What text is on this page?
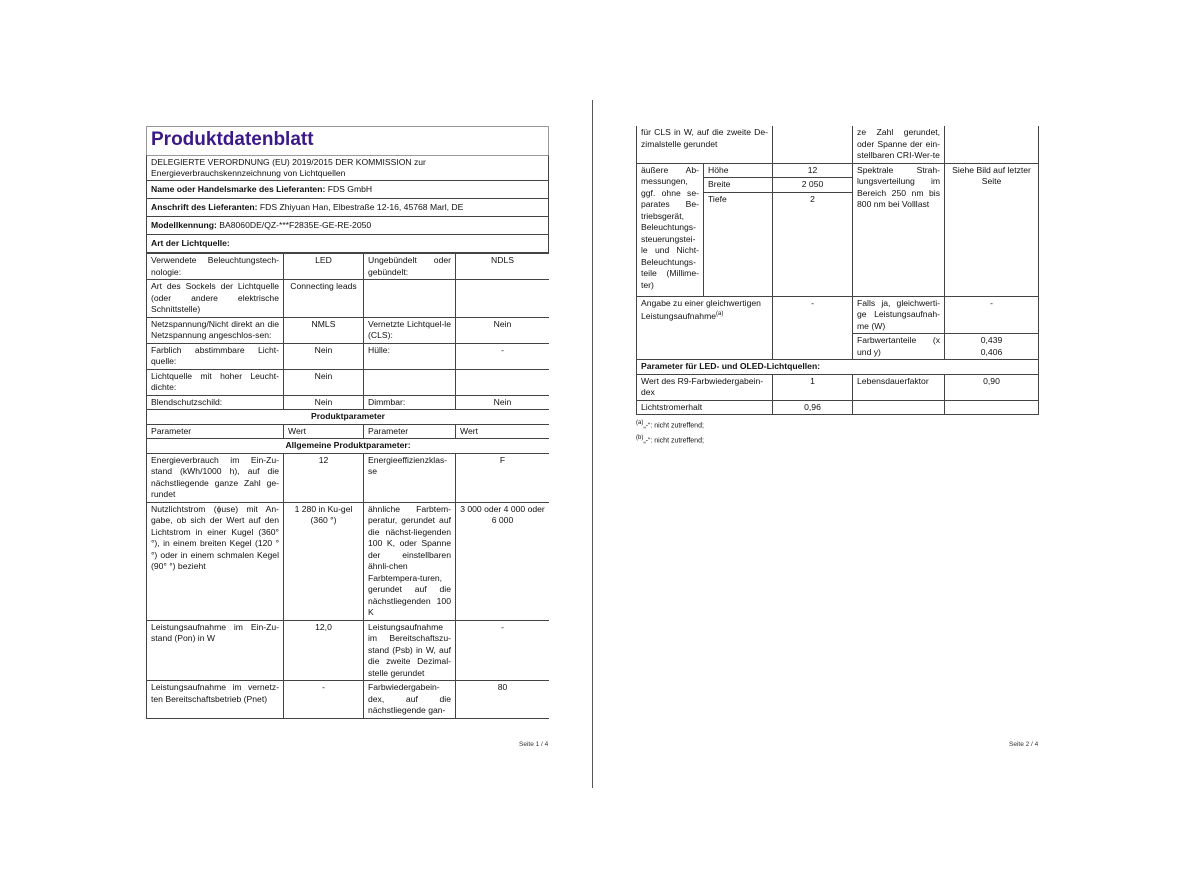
Produktdatenblatt
DELEGIERTE VERORDNUNG (EU) 2019/2015 DER KOMMISSION zur
Energieverbrauchskennzeichnung von Lichtquellen
Name oder Handelsmarke des Lieferanten: FDS GmbH
Anschrift des Lieferanten: FDS Zhiyuan Han, Elbestraße 12-16, 45768 Marl, DE
Modellkennung: BA8060DE/QZ-***F2835E-GE-RE-2050
Art der Lichtquelle:
Verwendete Beleuchtungstech-nologie:	LED	Ungebündelt oder gebündelt:	NDLS
Art des Sockels der Lichtquelle (oder andere elektrische Schnittstelle)	Connecting leads		
Netzspannung/Nicht direkt an die Netzspannung angeschlos-sen:	NMLS	Vernetzte Lichtquel-le (CLS):	Nein
Farblich abstimmbare Licht-quelle:	Nein	Hülle:	-
Lichtquelle mit hoher Leucht-dichte:	Nein		
Blendschutzschild:	Nein	Dimmbar:	Nein
Produktparameter			
Parameter	Wert	Parameter	Wert
Allgemeine Produktparameter:			
Energieverbrauch im Ein-Zu-stand (kWh/1000 h), auf die nächstliegende ganze Zahl ge-rundet	12	Energieeffizienzklas-se	F
Nutzlichtstrom (ϕuse) mit An-gabe, ob sich der Wert auf den Lichtstrom in einer Kugel (360° °), in einem breiten Kegel (120 °°) oder in einem schmalen Kegel (90° °) bezieht	1 280 in Ku-gel (360 °)	ähnliche Farbtem-peratur, gerundet auf die nächst-liegenden 100 K, oder Spanne der einstellbaren ähnli-chen Farbtempera-turen, gerundet auf die nächstliegenden 100 K	3 000 oder 4 000 oder 6 000
Leistungsaufnahme im Ein-Zu-stand (Pon) in W	12,0	Leistungsaufnahme im Bereitschaftszu-stand (Psb) in W, auf die zweite Dezimal-stelle gerundet	-
Leistungsaufnahme im vernetz-ten Bereitschaftsbetrieb (Pnet)	-	Farbwiedergabein-dex, auf die nächstliegende gan-	80
Seite 1 / 4
für CLS in W, auf die zweite De-zimalstelle gerundet			ze Zahl gerundet, oder Spanne der ein-stellbaren CRI-Wer-te	
äußere Ab-messungen, ggf. ohne se-parates Be-triebsgerät, Beleuchtungs-steuerungstei-le und Nicht-Beleuchtungs-teile (Millime-ter)	Höhe	12	Spektrale Strah-lungsverteilung im Bereich 250 nm bis 800 nm bei Volllast	Siehe Bild auf letzter Seite
	Breite	2 050		
	Tiefe	2		
Angabe zu einer gleichwertigen Leistungsaufnahme$^{(a)}$		-	Falls ja, gleichwerti-ge Leistungsaufnah-me (W)	-
			Farbwertanteile (x und y)	0,439
0,406

Parameter für LED- und OLED-Lichtquellen:				
Wert des R9-Farbwiedergabein-dex		1	Lebensdauerfaktor	0,90
Lichtstromerhalt		0,96		
(a)„-“: nicht zutreffend;
(b)„-“: nicht zutreffend;
Seite 2 / 4
